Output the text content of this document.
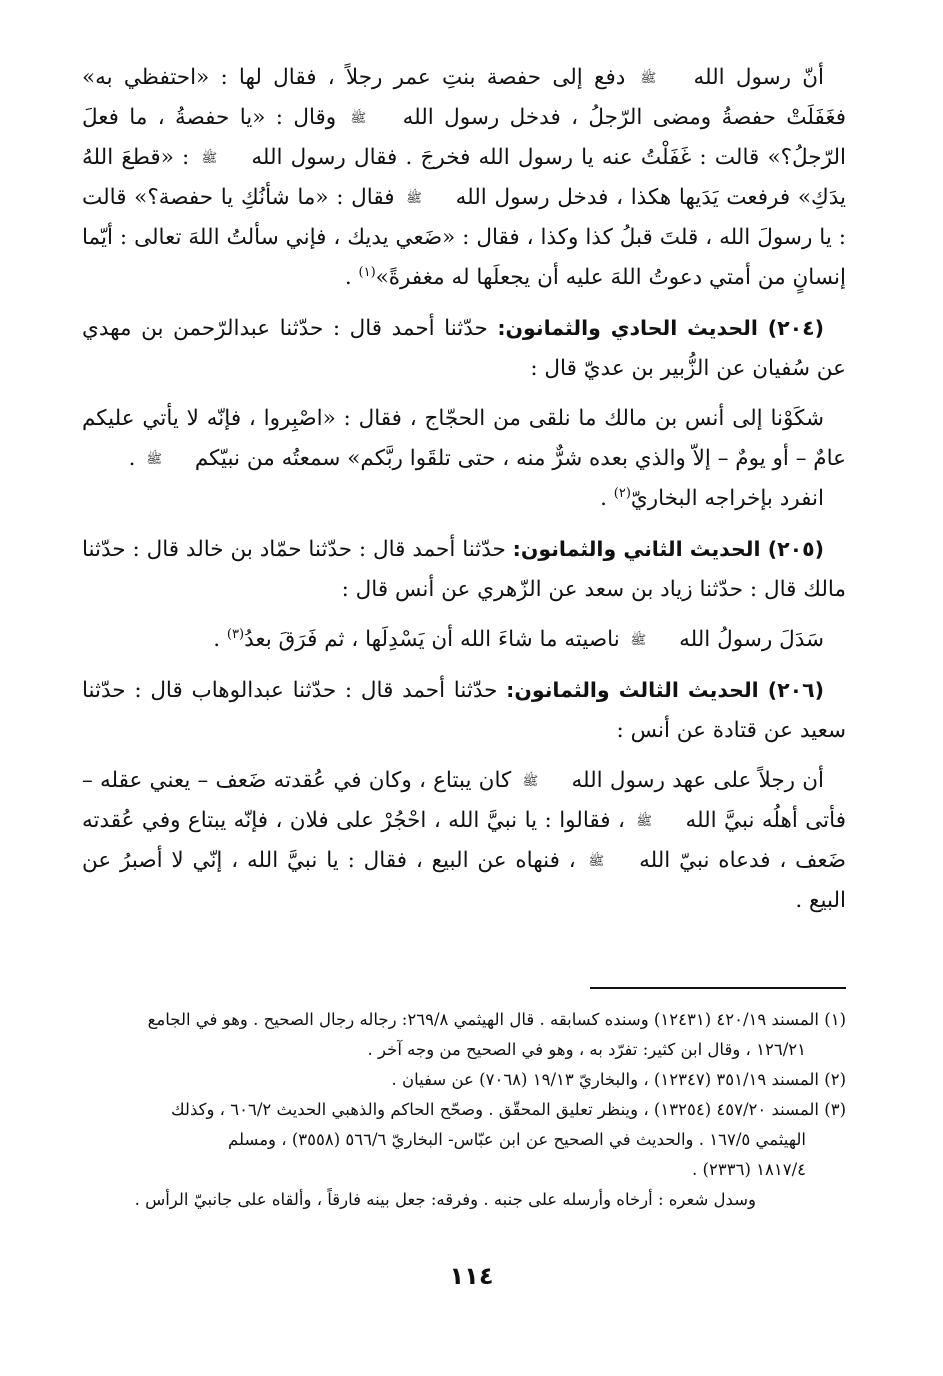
أنّ رسول الله ﷺ دفع إلى حفصة بنتِ عمر رجلاً ، فقال لها : «احتفظي به» فغَفَلَتْ حفصةُ ومضى الرّجلُ ، فدخل رسول الله ﷺ وقال : «يا حفصةُ ، ما فعلَ الرّجلُ؟» قالت : غَفَلْتُ عنه يا رسول الله فخرجَ . فقال رسول الله ﷺ : «قطعَ اللهُ يدَكِ» فرفعت يَدَيها هكذا ، فدخل رسول الله ﷺ فقال : «ما شأنُكِ يا حفصة؟» قالت : يا رسولَ الله ، قلتَ قبلُ كذا وكذا ، فقال : «ضَعي يديك ، فإني سألتُ اللهَ تعالى : أيّما إنسانٍ من أمتي دعوتُ اللهَ عليه أن يجعلَها له مغفرةً»$^{(١)}$ .

(٢٠٤) الحديث الحادي والثمانون: حدّثنا أحمد قال : حدّثنا عبدالرّحمن بن مهدي عن سُفيان عن الزُّبير بن عديّ قال :

شكَوْنا إلى أنس بن مالك ما نلقى من الحجّاج ، فقال : «اصْبِروا ، فإنّه لا يأتي عليكم عامٌ – أو يومٌ – إلاّ والذي بعده شرٌّ منه ، حتى تلقَوا ربَّكم» سمعتُه من نبيّكم ﷺ .

انفرد بإخراجه البخاريّ$^{(٢)}$ .

(٢٠٥) الحديث الثاني والثمانون: حدّثنا أحمد قال : حدّثنا حمّاد بن خالد قال : حدّثنا مالك قال : حدّثنا زياد بن سعد عن الزّهري عن أنس قال :

سَدَلَ رسولُ الله ﷺ ناصيته ما شاءَ الله أن يَسْدِلَها ، ثم فَرَقَ بعدُ$^{(٣)}$ .

(٢٠٦) الحديث الثالث والثمانون: حدّثنا أحمد قال : حدّثنا عبدالوهاب قال : حدّثنا سعيد عن قتادة عن أنس :

أن رجلاً على عهد رسول الله ﷺ كان يبتاع ، وكان في عُقدته ضَعف – يعني عقله – فأتى أهلُه نبيَّ الله ﷺ ، فقالوا : يا نبيَّ الله ، احْجُرْ على فلان ، فإنّه يبتاع وفي عُقدته ضَعف ، فدعاه نبيّ الله ﷺ ، فنهاه عن البيع ، فقال : يا نبيَّ الله ، إنّي لا أصبرُ عن البيع .

(١) المسند ٤٢٠/١٩ (١٢٤٣١) وسنده كسابقه . قال الهيثمي ٢٦٩/٨: رجاله رجال الصحيح . وهو في الجامع

١٢٦/٢١ ، وقال ابن كثير: تفرّد به ، وهو في الصحيح من وجه آخر .

(٢) المسند ٣٥١/١٩ (١٢٣٤٧) ، والبخاريّ ١٩/١٣ (٧٠٦٨) عن سفيان .

(٣) المسند ٤٥٧/٢٠ (١٣٢٥٤) ، وينظر تعليق المحقّق . وصحّح الحاكم والذهبي الحديث ٦٠٦/٢ ، وكذلك

الهيثمي ١٦٧/٥ . والحديث في الصحيح عن ابن عبّاس- البخاريّ ٥٦٦/٦ (٣٥٥٨) ، ومسلم

١٨١٧/٤ (٢٣٣٦) .

وسدل شعره : أرخاه وأرسله على جنبه . وفرقه: جعل بينه فارقاً ، وألقاه على جانبيّ الرأس .

١١٤
